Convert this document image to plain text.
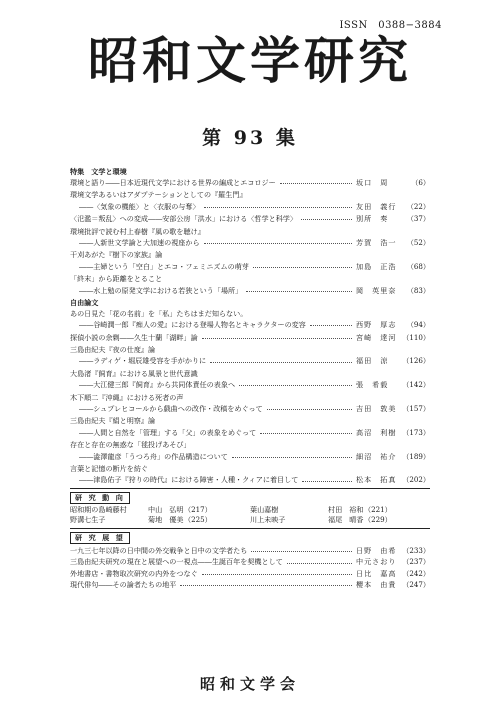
ISSN　0388−3884
昭和文学研究
第 93 集
特集　文学と環境
環境と語り――日本近現代文学における世界の編成とエコロジー	坂口　周	（6）
環境文学あるいはアダプテーションとしての『羅生門』
――〈気象の機能〉と〈衣服の与奪〉	友田　義行	（22）
〈氾濫＝叛乱〉への変成――安部公房「洪水」における〈哲学と科学〉	別所　奏	（37）
環境批評で読む村上春樹『風の歌を聴け』
――人新世文学論と大加速の視座から	芳賀　浩一	（52）
干刈あがた『樹下の家族』論
――主婦という「空白」とエコ・フェミニズムの萌芽	加島　正浩	（68）
「終末」から距離をとること
――水上勉の原発文学における若狭という「場所」	岡　英里奈	（83）
自由論文
あの日見た「花の名前」を「私」たちはまだ知らない。
――谷崎潤一郎『痴人の愛』における登場人物名とキャラクターの変容	西野　厚志	（94）
探偵小説の余剰――久生十蘭「湖畔」論	宮崎　達河 （110）
三島由紀夫『夜の仕度』論
――ラディゲ・堀辰雄受容を手がかりに	福田　涼	（126）
大島渚『飼育』における風景と世代意識
――大江健三郎『飼育』から共同体責任の表象へ	張　希毅	（142）
木下順二『沖縄』における死者の声
――シュプレヒコールから戯曲への改作・改稿をめぐって	吉田　敦美 （157）
三島由紀夫『絹と明察』論
――人間と自然を「管理」する「父」の表象をめぐって	高沼　利樹 （173）
存在と存在の無惑な「毬投げあそび」
――澁澤龍彦「うつろ舟」の作品構造について	細沼　祐介 （189）
言葉と記憶の断片を紡ぐ
――津島佑子『狩りの時代』における障害・人種・クィアに着目して	松本　拓真 （202）
研 究 動 向
昭和期の島崎藤村	中山　弘明 （217）	葉山嘉樹	村田　裕和 （221）
野溝七生子	菊地　優美 （225）	川上未映子	福尾　晴香 （229）
研 究 展 望
一九三七年以降の日中間の外交戦争と日中の文学者たち	日野　由希 （233）
三島由紀夫研究の現在と展望への一視点――生誕百年を契機として	中元さおり （237）
外地書店・書物取次研究の内外をつなぐ	日比　嘉高 （242）
現代俳句――その論者たちの地平	櫻本　由貴 （247）
昭和文学会
